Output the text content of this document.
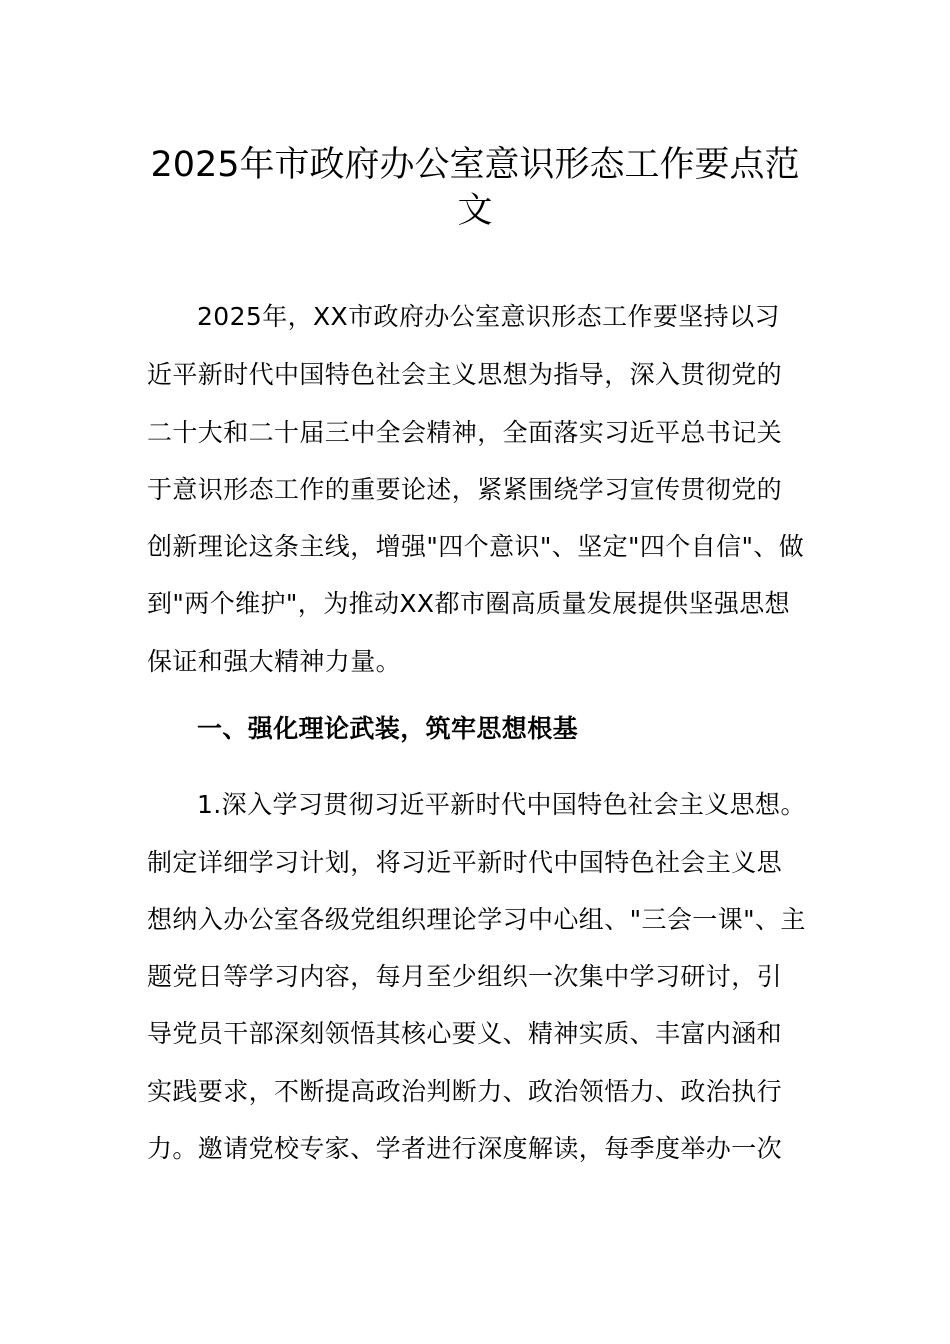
2025年市政府办公室意识形态工作要点范
文
2025年，XX市政府办公室意识形态工作要坚持以习
近平新时代中国特色社会主义思想为指导，深入贯彻党的
二十大和二十届三中全会精神，全面落实习近平总书记关
于意识形态工作的重要论述，紧紧围绕学习宣传贯彻党的
创新理论这条主线，增强"四个意识"、坚定"四个自信"、做
到"两个维护"，为推动XX都市圈高质量发展提供坚强思想
保证和强大精神力量。
一、强化理论武装，筑牢思想根基
1.深入学习贯彻习近平新时代中国特色社会主义思想。
制定详细学习计划，将习近平新时代中国特色社会主义思
想纳入办公室各级党组织理论学习中心组、"三会一课"、主
题党日等学习内容，每月至少组织一次集中学习研讨，引
导党员干部深刻领悟其核心要义、精神实质、丰富内涵和
实践要求，不断提高政治判断力、政治领悟力、政治执行
力。邀请党校专家、学者进行深度解读，每季度举办一次
